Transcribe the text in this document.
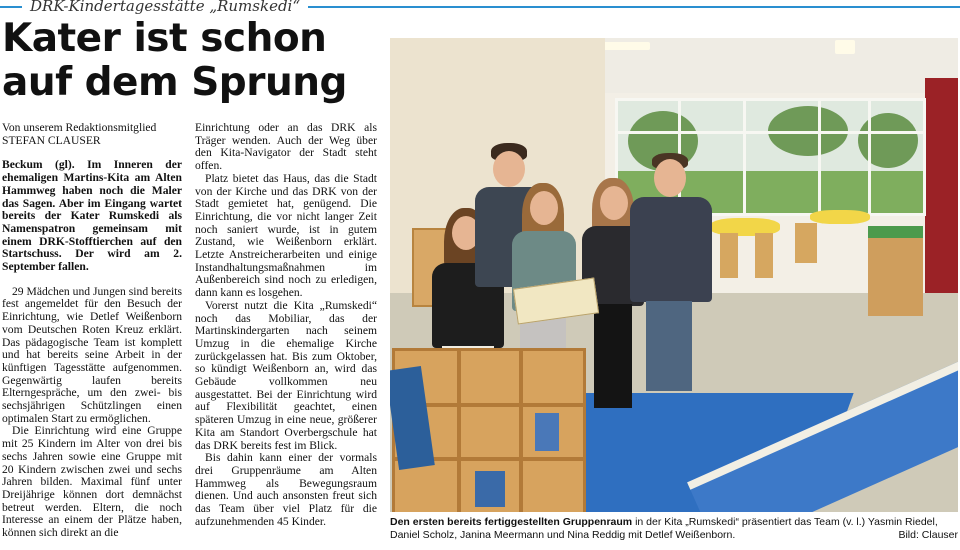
DRK-Kindertagesstätte „Rumskedi“
Kater ist schon
auf dem Sprung

Von unserem Redaktionsmitglied
STEFAN CLAUSER

Beckum (gl). Im Inneren der ehemaligen Martins-Kita am Alten Hammweg haben noch die Maler das Sagen. Aber im Eingang wartet bereits der Kater Rumskedi als Namenspatron gemeinsam mit einem DRK-Stofftierchen auf den Startschuss. Der wird am 2. September fallen.

29 Mädchen und Jungen sind bereits fest angemeldet für den Besuch der Einrichtung, wie Detlef Weißenborn vom Deutschen Roten Kreuz erklärt. Das pädagogische Team ist komplett und hat bereits seine Arbeit in der künftigen Tagesstätte aufgenommen. Gegenwärtig laufen bereits Elterngespräche, um den zwei- bis sechsjährigen Schützlingen einen optimalen Start zu ermöglichen.

Die Einrichtung wird eine Gruppe mit 25 Kindern im Alter von drei bis sechs Jahren sowie eine Gruppe mit 20 Kindern zwischen zwei und sechs Jahren bilden. Maximal fünf unter Dreijährige können dort demnächst betreut werden. Eltern, die noch Interesse an einem der Plätze haben, können sich direkt an die

Einrichtung oder an das DRK als Träger wenden. Auch der Weg über den Kita-Navigator der Stadt steht offen.

Platz bietet das Haus, das die Stadt von der Kirche und das DRK von der Stadt gemietet hat, genügend. Die Einrichtung, die vor nicht langer Zeit noch saniert wurde, ist in gutem Zustand, wie Weißenborn erklärt. Letzte Anstreicherarbeiten und einige Instandhaltungsmaßnahmen im Außenbereich sind noch zu erledigen, dann kann es losgehen.

Vorerst nutzt die Kita „Rumskedi“ noch das Mobiliar, das der Martinskindergarten nach seinem Umzug in die ehemalige Kirche zurückgelassen hat. Bis zum Oktober, so kündigt Weißenborn an, wird das Gebäude vollkommen neu ausgestattet. Bei der Einrichtung wird auf Flexibilität geachtet, einen späteren Umzug in eine neue, größerer Kita am Standort Overbergschule hat das DRK bereits fest im Blick.

Bis dahin kann einer der vormals drei Gruppenräume am Alten Hammweg als Bewegungsraum dienen. Und auch ansonsten freut sich das Team über viel Platz für die aufzunehmenden 45 Kinder.	Den ersten bereits fertiggestellten Gruppenraum in der Kita „Rumskedi“ präsentiert das Team (v. l.) Yasmin Riedel, Daniel Scholz, Janina Meermann und Nina Reddig mit Detlef Weißenborn.	Bild: Clauser
